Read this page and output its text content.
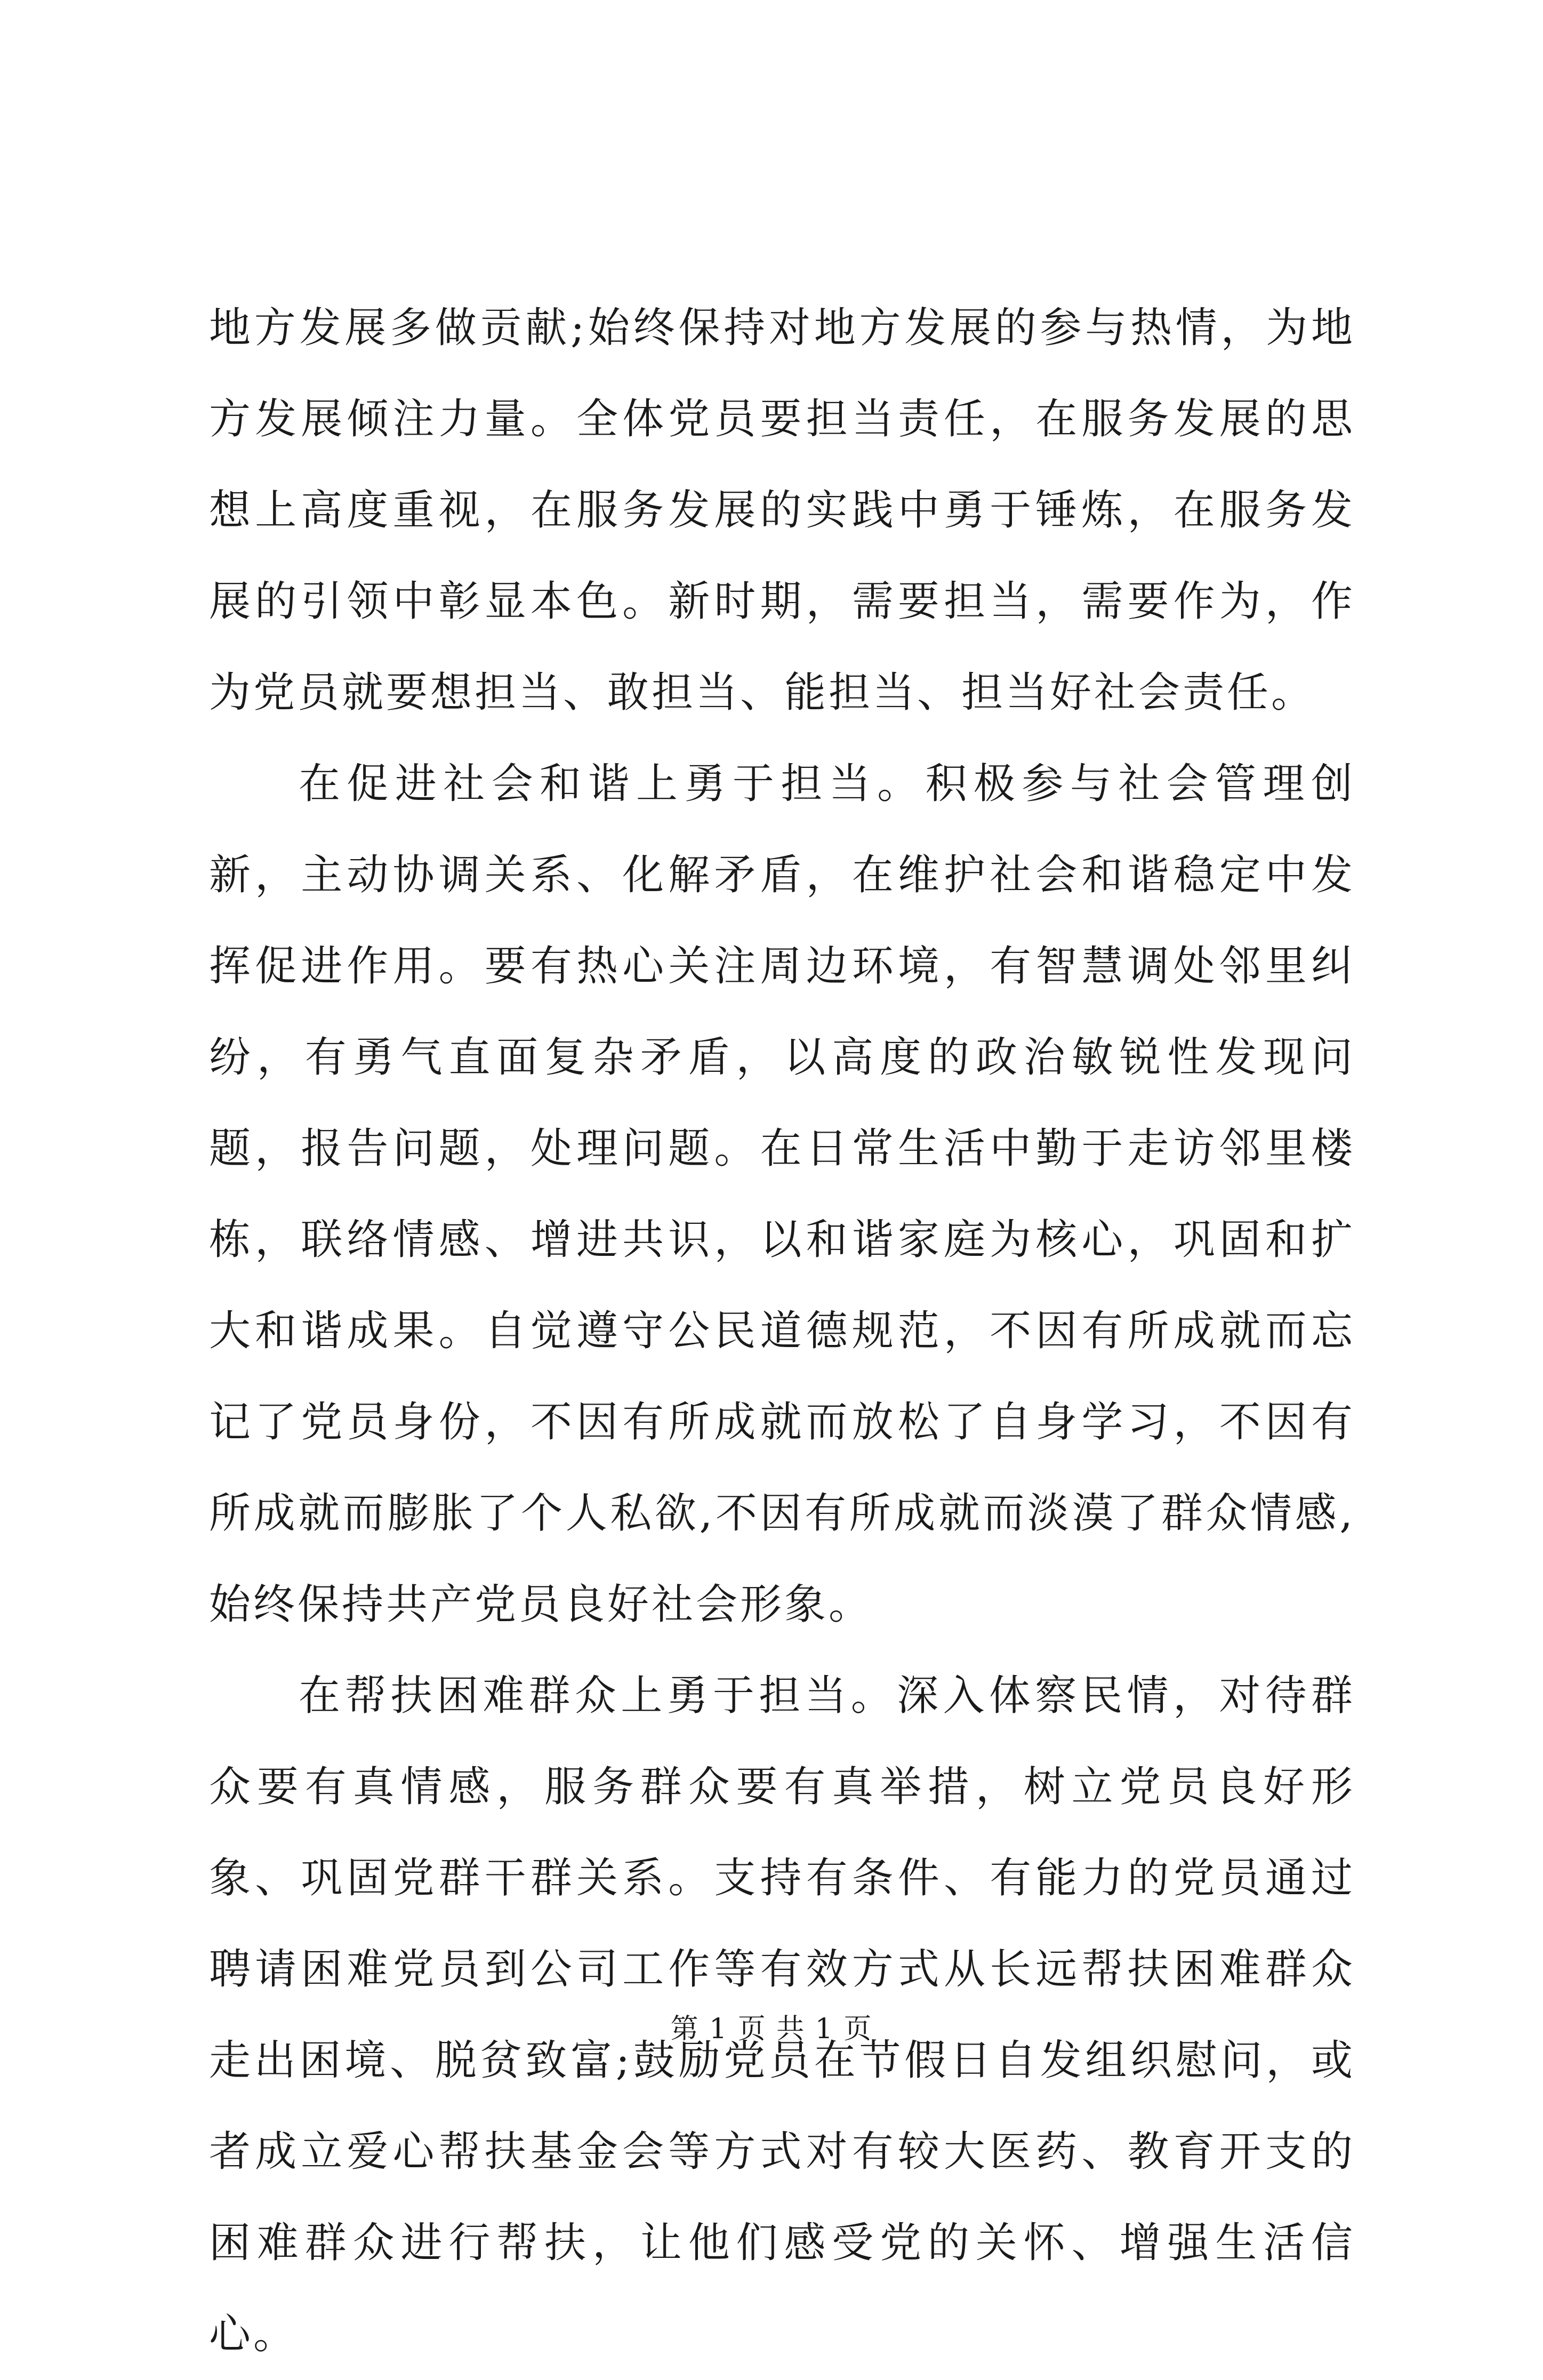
地方发展多做贡献;始终保持对地方发展的参与热情，为地方发展倾注力量。全体党员要担当责任，在服务发展的思想上高度重视，在服务发展的实践中勇于锤炼，在服务发展的引领中彰显本色。新时期，需要担当，需要作为，作为党员就要想担当、敢担当、能担当、担当好社会责任。

在促进社会和谐上勇于担当。积极参与社会管理创新，主动协调关系、化解矛盾，在维护社会和谐稳定中发挥促进作用。要有热心关注周边环境，有智慧调处邻里纠纷，有勇气直面复杂矛盾，以高度的政治敏锐性发现问题，报告问题，处理问题。在日常生活中勤于走访邻里楼栋，联络情感、增进共识，以和谐家庭为核心，巩固和扩大和谐成果。自觉遵守公民道德规范，不因有所成就而忘记了党员身份，不因有所成就而放松了自身学习，不因有所成就而膨胀了个人私欲,不因有所成就而淡漠了群众情感,始终保持共产党员良好社会形象。

在帮扶困难群众上勇于担当。深入体察民情，对待群众要有真情感，服务群众要有真举措，树立党员良好形象、巩固党群干群关系。支持有条件、有能力的党员通过聘请困难党员到公司工作等有效方式从长远帮扶困难群众走出困境、脱贫致富;鼓励党员在节假日自发组织慰问，或者成立爱心帮扶基金会等方式对有较大医药、教育开支的困难群众进行帮扶，让他们感受党的关怀、增强生活信心。

第 1 页 共 1 页
